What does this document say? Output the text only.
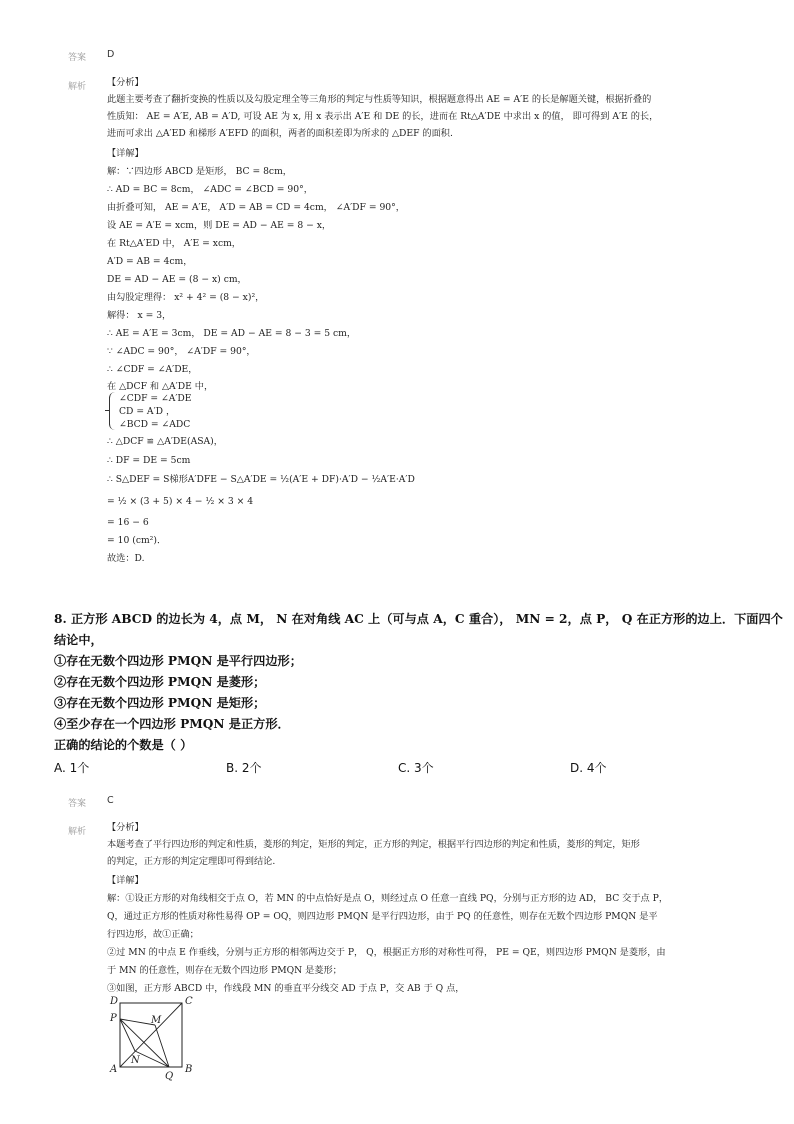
答案 D
解析 【分析】
此题主要考查了翻折变换的性质以及勾股定理全等三角形的判定与性质等知识，根据题意得出 AE = A′E 的长是解题关键，根据折叠的
性质知： AE = A′E, AB = A′D, 可设 AE 为 x, 用 x 表示出 A′E 和 DE 的长，进而在 Rt△A′DE 中求出 x 的值， 即可得到 A′E 的长，
进而可求出 △A′ED 和梯形 A′EFD 的面积，两者的面积差即为所求的 △DEF 的面积.
【详解】
解：∵四边形 ABCD 是矩形， BC = 8cm，
∴ AD = BC = 8cm， ∠ADC = ∠BCD = 90°，
由折叠可知， AE = A′E， A′D = AB = CD = 4cm， ∠A′DF = 90°，
设 AE = A′E = xcm，则 DE = AD − AE = 8 − x，
在 Rt△A′ED 中， A′E = xcm，
A′D = AB = 4cm，
DE = AD − AE = (8 − x) cm，
由勾股定理得： x² + 4² = (8 − x)²，
解得： x = 3，
∴ AE = A′E = 3cm， DE = AD − AE = 8 − 3 = 5 cm，
∵ ∠ADC = 90°， ∠A′DF = 90°，
∴ ∠CDF = ∠A′DE，
在 △DCF 和 △A′DE 中，
∠CDF = ∠A′DE
CD = A′D ，
∠BCD = ∠ADC
∴ △DCF ≌ △A′DE(ASA)，
∴ DF = DE = 5cm
∴ S△DEF = S梯形A′DFE − S△A′DE = ½(A′E + DF)·A′D − ½A′E·A′D
= ½ × (3 + 5) × 4 − ½ × 3 × 4
= 16 − 6
= 10 (cm²)．
故选：D.
8. 正方形 ABCD 的边长为 4，点 M， N 在对角线 AC 上（可与点 A，C 重合）， MN = 2，点 P， Q 在正方形的边上．下面四个
结论中，
①存在无数个四边形 PMQN 是平行四边形；
②存在无数个四边形 PMQN 是菱形；
③存在无数个四边形 PMQN 是矩形；
④至少存在一个四边形 PMQN 是正方形．
正确的结论的个数是（ ）
A. 1个	B. 2个	C. 3个	D. 4个
答案 C
解析 【分析】
本题考查了平行四边形的判定和性质，菱形的判定，矩形的判定，正方形的判定，根据平行四边形的判定和性质，菱形的判定，矩形
的判定，正方形的判定定理即可得到结论.
【详解】
解：①设正方形的对角线相交于点 O，若 MN 的中点恰好是点 O，则经过点 O 任意一直线 PQ，分别与正方形的边 AD， BC 交于点 P，
Q，通过正方形的性质对称性易得 OP = OQ，则四边形 PMQN 是平行四边形，由于 PQ 的任意性，则存在无数个四边形 PMQN 是平
行四边形，故①正确；
②过 MN 的中点 E 作垂线，分别与正方形的相邻两边交于 P， Q，根据正方形的对称性可得， PE = QE，则四边形 PMQN 是菱形，由
于 MN 的任意性，则存在无数个四边形 PMQN 是菱形；
③如图，正方形 ABCD 中，作线段 MN 的垂直平分线交 AD 于点 P，交 AB 于 Q 点，
D	C
P	M
N
A
Q
B
